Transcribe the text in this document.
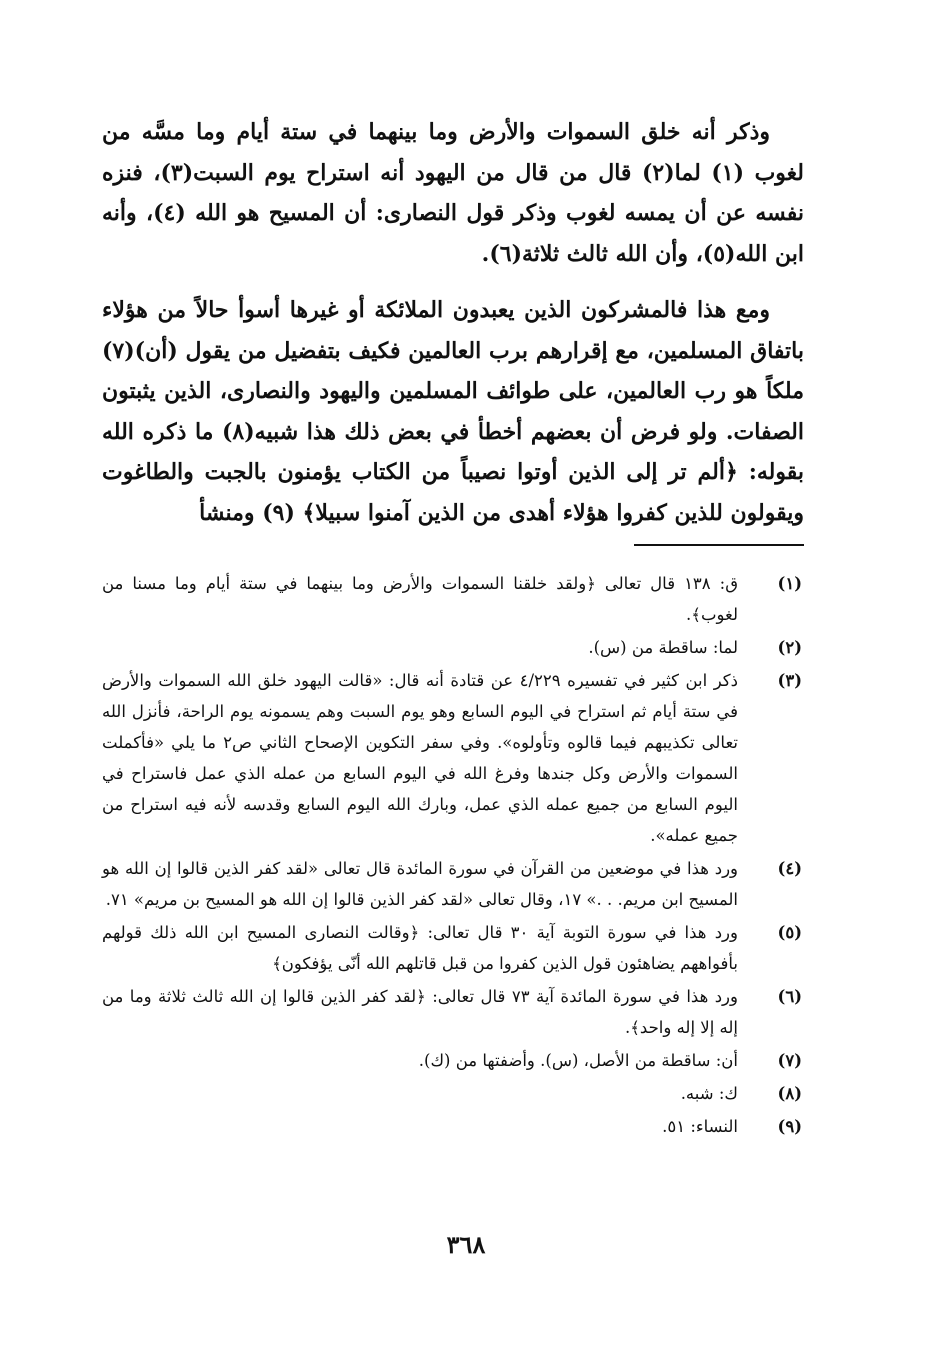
وذكر أنه خلق السموات والأرض وما بينهما في ستة أيام وما مسَّه من لغوب (١) لما(٢) قال من قال من اليهود أنه استراح يوم السبت(٣)، فنزه نفسه عن أن يمسه لغوب وذكر قول النصارى: أن المسيح هو الله (٤)، وأنه ابن الله(٥)، وأن الله ثالث ثلاثة(٦).

ومع هذا فالمشركون الذين يعبدون الملائكة أو غيرها أسوأ حالاً من هؤلاء باتفاق المسلمين، مع إقرارهم برب العالمين فكيف بتفضيل من يقول (أن)(٧) ملكاً هو رب العالمين، على طوائف المسلمين واليهود والنصارى، الذين يثبتون الصفات. ولو فرض أن بعضهم أخطأ في بعض ذلك هذا شبيه(٨) ما ذكره الله بقوله: ﴿ألم تر إلى الذين أوتوا نصيباً من الكتاب يؤمنون بالجبت والطاغوت ويقولون للذين كفروا هؤلاء أهدى من الذين آمنوا سبيلا﴾ (٩) ومنشأ

(١)
ق: ١٣٨ قال تعالى ﴿ولقد خلقنا السموات والأرض وما بينهما في ستة أيام وما مسنا من لغوب﴾.
(٢)
لما: ساقطة من (س).
(٣)
ذكر ابن كثير في تفسيره ٤/٢٢٩ عن قتادة أنه قال: «قالت اليهود خلق الله السموات والأرض في ستة أيام ثم استراح في اليوم السابع وهو يوم السبت وهم يسمونه يوم الراحة، فأنزل الله تعالى تكذيبهم فيما قالوه وتأولوه». وفي سفر التكوين الإصحاح الثاني ص٢ ما يلي «فأكملت السموات والأرض وكل جندها وفرغ الله في اليوم السابع من عمله الذي عمل فاستراح في اليوم السابع من جميع عمله الذي عمل، وبارك الله اليوم السابع وقدسه لأنه فيه استراح من جميع عمله».
(٤)
ورد هذا في موضعين من القرآن في سورة المائدة قال تعالى «لقد كفر الذين قالوا إن الله هو المسيح ابن مريم. . .» ١٧، وقال تعالى «لقد كفر الذين قالوا إن الله هو المسيح بن مريم» ٧١.
(٥)
ورد هذا في سورة التوبة آية ٣٠ قال تعالى: ﴿وقالت النصارى المسيح ابن الله ذلك قولهم بأفواههم يضاهئون قول الذين كفروا من قبل قاتلهم الله أنّى يؤفكون﴾
(٦)
ورد هذا في سورة المائدة آية ٧٣ قال تعالى: ﴿لقد كفر الذين قالوا إن الله ثالث ثلاثة وما من إله إلا إله واحد﴾.
(٧)
أن: ساقطة من الأصل، (س). وأضفتها من (ك).
(٨)
ك: شبه.
(٩)
النساء: ٥١.
٣٦٨
